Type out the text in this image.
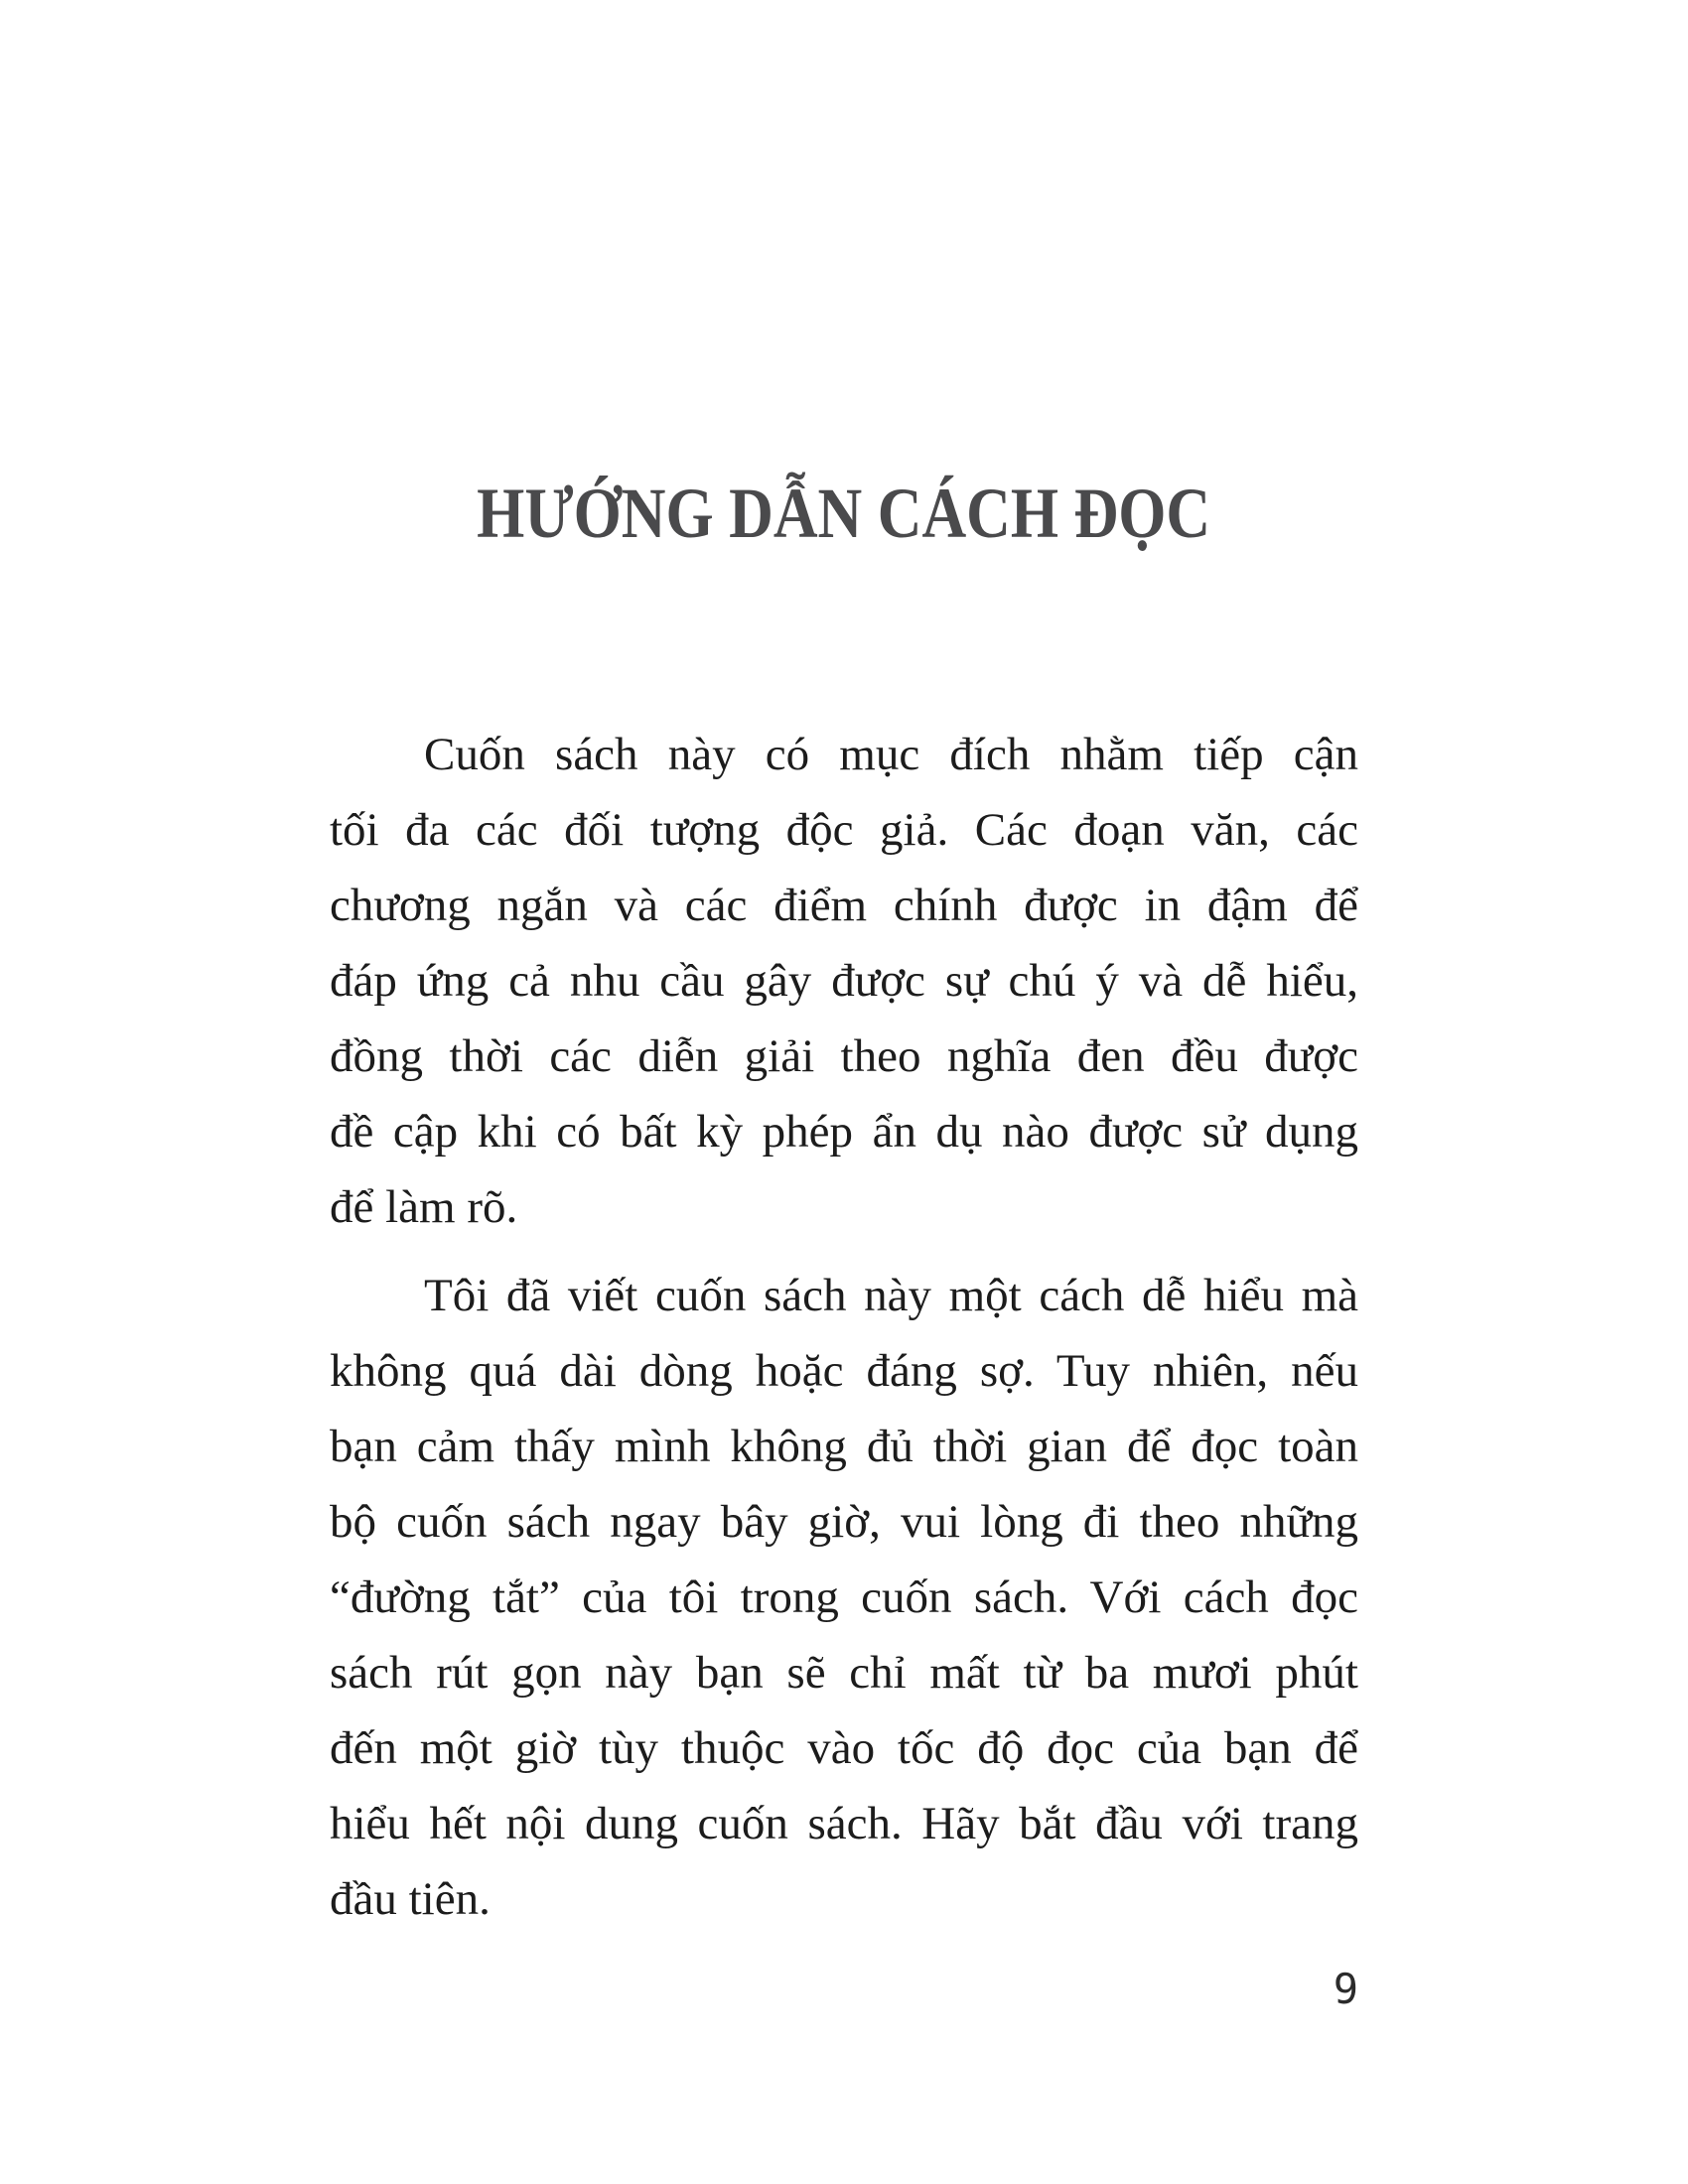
HƯỚNG DẪN CÁCH ĐỌC
Cuốn sách này có mục đích nhằm tiếp cận
tối đa các đối tượng độc giả. Các đoạn văn, các
chương ngắn và các điểm chính được in đậm để
đáp ứng cả nhu cầu gây được sự chú ý và dễ hiểu,
đồng thời các diễn giải theo nghĩa đen đều được
đề cập khi có bất kỳ phép ẩn dụ nào được sử dụng
để làm rõ.
Tôi đã viết cuốn sách này một cách dễ hiểu mà
không quá dài dòng hoặc đáng sợ. Tuy nhiên, nếu
bạn cảm thấy mình không đủ thời gian để đọc toàn
bộ cuốn sách ngay bây giờ, vui lòng đi theo những
“đường tắt” của tôi trong cuốn sách. Với cách đọc
sách rút gọn này bạn sẽ chỉ mất từ ba mươi phút
đến một giờ tùy thuộc vào tốc độ đọc của bạn để
hiểu hết nội dung cuốn sách. Hãy bắt đầu với trang
đầu tiên.
9
